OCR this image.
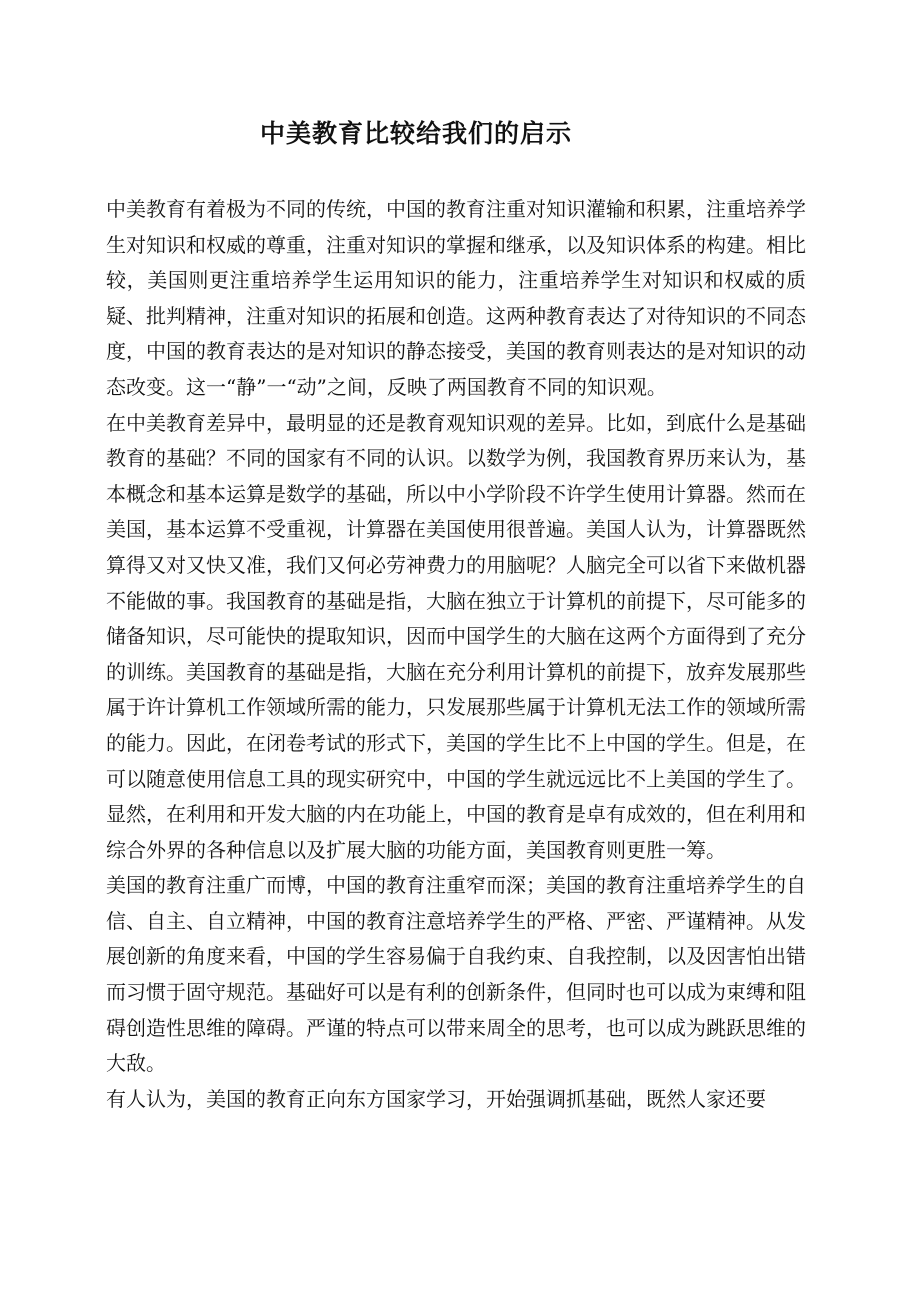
中美教育比较给我们的启示

中美教育有着极为不同的传统，中国的教育注重对知识灌输和积累，注重培养学生对知识和权威的尊重，注重对知识的掌握和继承，以及知识体系的构建。相比较，美国则更注重培养学生运用知识的能力，注重培养学生对知识和权威的质疑、批判精神，注重对知识的拓展和创造。这两种教育表达了对待知识的不同态度，中国的教育表达的是对知识的静态接受，美国的教育则表达的是对知识的动态改变。这一“静”一“动”之间，反映了两国教育不同的知识观。

在中美教育差异中，最明显的还是教育观知识观的差异。比如，到底什么是基础教育的基础？不同的国家有不同的认识。以数学为例，我国教育界历来认为，基本概念和基本运算是数学的基础，所以中小学阶段不许学生使用计算器。然而在美国，基本运算不受重视，计算器在美国使用很普遍。美国人认为，计算器既然算得又对又快又准，我们又何必劳神费力的用脑呢？人脑完全可以省下来做机器不能做的事。我国教育的基础是指，大脑在独立于计算机的前提下，尽可能多的储备知识，尽可能快的提取知识，因而中国学生的大脑在这两个方面得到了充分的训练。美国教育的基础是指，大脑在充分利用计算机的前提下，放弃发展那些属于许计算机工作领域所需的能力，只发展那些属于计算机无法工作的领域所需的能力。因此，在闭卷考试的形式下，美国的学生比不上中国的学生。但是，在可以随意使用信息工具的现实研究中，中国的学生就远远比不上美国的学生了。显然，在利用和开发大脑的内在功能上，中国的教育是卓有成效的，但在利用和综合外界的各种信息以及扩展大脑的功能方面，美国教育则更胜一筹。

美国的教育注重广而博，中国的教育注重窄而深；美国的教育注重培养学生的自信、自主、自立精神，中国的教育注意培养学生的严格、严密、严谨精神。从发展创新的角度来看，中国的学生容易偏于自我约束、自我控制，以及因害怕出错而习惯于固守规范。基础好可以是有利的创新条件，但同时也可以成为束缚和阻碍创造性思维的障碍。严谨的特点可以带来周全的思考，也可以成为跳跃思维的大敌。

有人认为，美国的教育正向东方国家学习，开始强调抓基础，既然人家还要
